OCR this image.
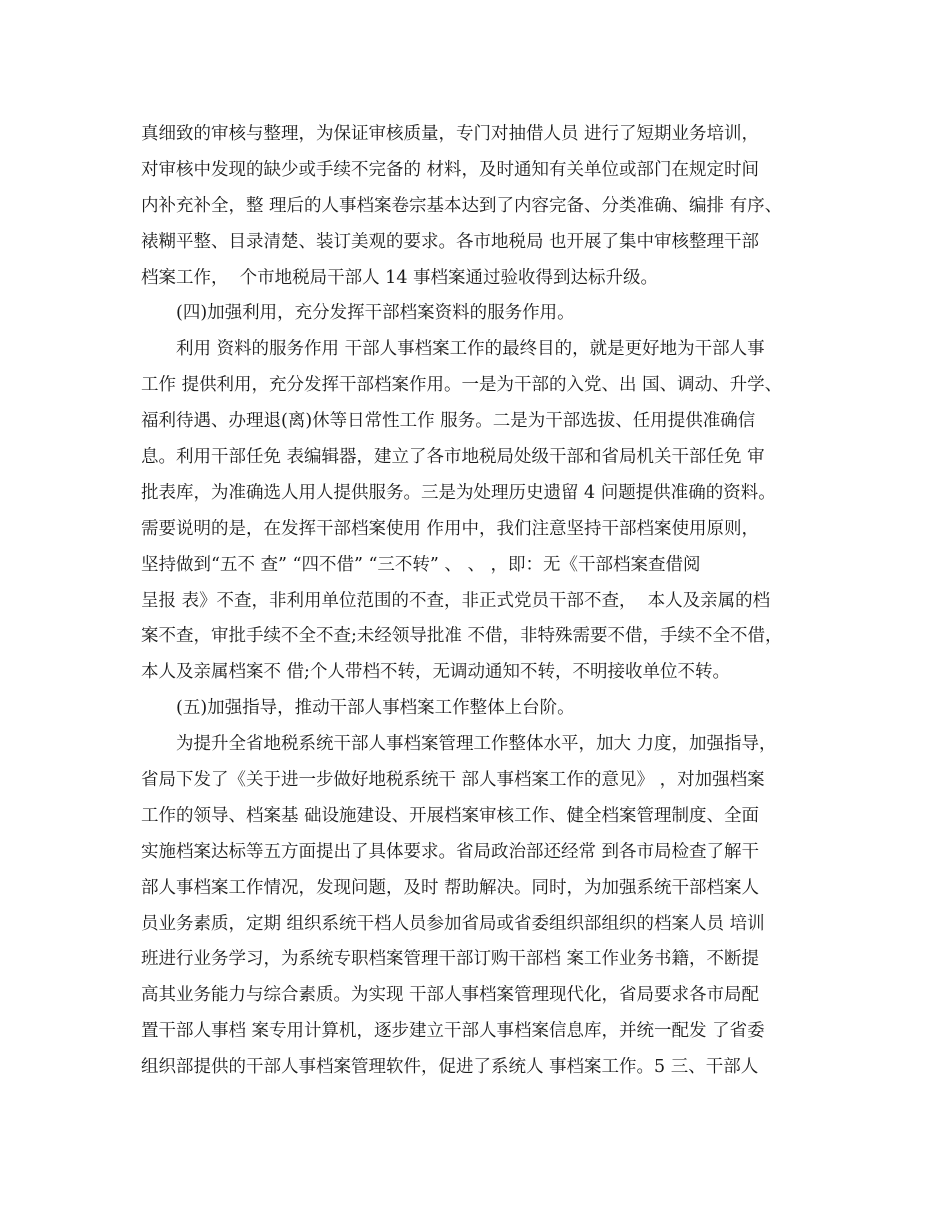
真细致的审核与整理，为保证审核质量，专门对抽借人员 进行了短期业务培训，
对审核中发现的缺少或手续不完备的 材料，及时通知有关单位或部门在规定时间
内补充补全，整 理后的人事档案卷宗基本达到了内容完备、分类准确、编排 有序、
裱糊平整、目录清楚、装订美观的要求。各市地税局 也开展了集中审核整理干部
档案工作，  个市地税局干部人 14 事档案通过验收得到达标升级。
(四)加强利用，充分发挥干部档案资料的服务作用。
利用 资料的服务作用 干部人事档案工作的最终目的，就是更好地为干部人事
工作 提供利用，充分发挥干部档案作用。一是为干部的入党、出 国、调动、升学、
福利待遇、办理退(离)休等日常性工作 服务。二是为干部选拔、任用提供准确信
息。利用干部任免 表编辑器，建立了各市地税局处级干部和省局机关干部任免 审
批表库，为准确选人用人提供服务。三是为处理历史遗留 4 问题提供准确的资料。
需要说明的是，在发挥干部档案使用 作用中，我们注意坚持干部档案使用原则，
坚持做到“五不 查” “四不借” “三不转” 、 、 ，即：无《干部档案查借阅
呈报 表》不查，非利用单位范围的不查，非正式党员干部不查，  本人及亲属的档
案不查，审批手续不全不查;未经领导批准 不借，非特殊需要不借，手续不全不借，
本人及亲属档案不 借;个人带档不转，无调动通知不转，不明接收单位不转。
(五)加强指导，推动干部人事档案工作整体上台阶。
为提升全省地税系统干部人事档案管理工作整体水平，加大 力度，加强指导，
省局下发了《关于进一步做好地税系统干 部人事档案工作的意见》 ，对加强档案
工作的领导、档案基 础设施建设、开展档案审核工作、健全档案管理制度、全面
实施档案达标等五方面提出了具体要求。省局政治部还经常 到各市局检查了解干
部人事档案工作情况，发现问题，及时 帮助解决。同时，为加强系统干部档案人
员业务素质，定期 组织系统干档人员参加省局或省委组织部组织的档案人员 培训
班进行业务学习，为系统专职档案管理干部订购干部档 案工作业务书籍，不断提
高其业务能力与综合素质。为实现 干部人事档案管理现代化，省局要求各市局配
置干部人事档 案专用计算机，逐步建立干部人事档案信息库，并统一配发 了省委
组织部提供的干部人事档案管理软件，促进了系统人 事档案工作。5 三、干部人
